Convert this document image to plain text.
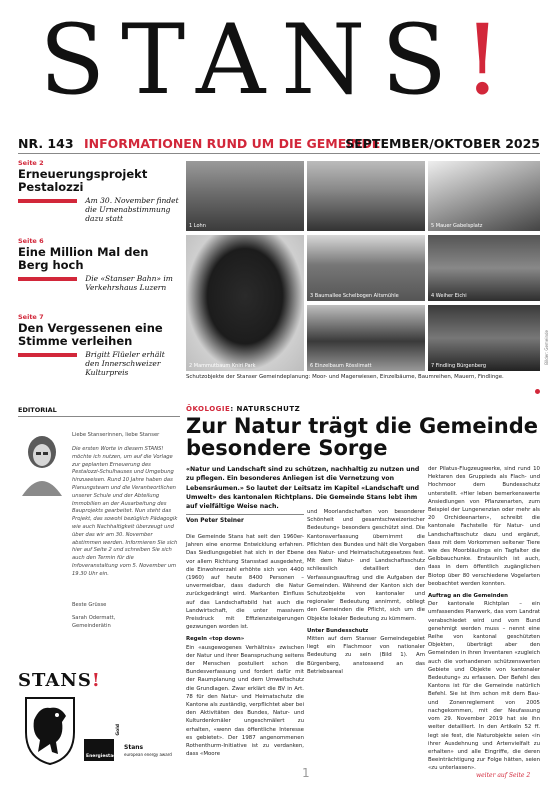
STANS!
NR. 143 INFORMATIONEN RUND UM DIE GEMEINDE
SEPTEMBER/OKTOBER 2025
Seite 2
Erneuerungsprojekt Pestalozzi
Am 30. November findet die Urnenabstimmung dazu statt
Seite 6
Eine Million Mal den Berg hoch
Die «Stanser Bahn» im Verkehrshaus Luzern
Seite 7
Den Vergessenen eine Stimme verleihen
Brigitt Flüeler erhält den Innerschweizer Kulturpreis
1 Lohn	5 Mauer Gabelsplatz
2 Mammutbaum Kniri Park
3 Baumallee Schelbogen Altsmühle	4 Weiher Eichi
6 Einzelbaum Rösslimatt	7 Findling Bürgenberg
Schutzobjekte der Stanser Gemeindeplanung: Moor- und Magerwiesen, Einzelbäume, Baumreihen, Mauern, Findlinge.
Bilder: Gemeinde
EDITORIAL
Liebe Stanserinnen, liebe Stanser
Die ersten Worte in diesem STANS! möchte ich nutzen, um auf die Vorlage zur geplanten Erneuerung des Pestalozzi-Schulhauses und Umgebung hinzuweisen. Rund 10 Jahre haben das Planungsteam und die Verantwortlichen unserer Schule und der Abteilung Immobilien an der Ausarbeitung des Bauprojekts gearbeitet. Nun steht das Projekt, das sowohl bezüglich Pädagogik wie auch Nachhaltigkeit überzeugt und über das wir am 30. November abstimmen werden. Informieren Sie sich hier auf Seite 2 und schreiben Sie sich auch den Termin für die Infoveranstaltung vom 5. November um 19.30 Uhr ein.
Beste Grüsse
Sarah Odermatt, Gemeinderätin
STANS!
Energiestadt
Gold
Stans
european energy award
ÖKOLOGIE: NATURSCHUTZ
Zur Natur trägt die Gemeinde besondere Sorge
«Natur und Landschaft sind zu schützen, nachhaltig zu nutzen und zu pflegen. Ein besonderes Anliegen ist die Vernetzung von Lebensräumen.» So lautet der Leitsatz im Kapitel «Landschaft und Umwelt» des kantonalen Richtplans. Die Gemeinde Stans lebt ihm auf vielfältige Weise nach.
Von Peter Steiner
Die Gemeinde Stans hat seit den 1960er-Jahren eine enorme Entwicklung erfahren. Das Siedlungsgebiet hat sich in der Ebene vor allem Richtung Stansstad ausgedehnt, die Einwohnerzahl erhöhte sich von 4400 (1960) auf heute 8400 Personen – unvermeidbar, dass dadurch die Natur zurückgedrängt wird. Markanten Einfluss auf das Landschaftsbild hat auch die Landwirtschaft, die unter massivem Preisdruck mit Effizienzsteigerungen gezwungen worden ist.
Regeln «top down»
Ein «ausgewogenes Verhältnis» zwischen der Natur und ihrer Beanspruchung seitens der Menschen postuliert schon die Bundesverfassung und fordert dafür mit der Raumplanung und dem Umweltschutz die Grundlagen. Zwar erklärt die BV in Art. 78 für den Natur- und Heimatschutz die Kantone als zuständig, verpflichtet aber bei den Aktivitäten des Bundes, Natur- und Kulturdenkmäler ungeschmälert zu erhalten, «wenn das öffentliche Interesse es gebietet». Der 1987 angenommenen Rothenthurm-Initiative ist zu verdanken, dass «Moore
und Moorlandschaften von besonderer Schönheit und gesamtschweizerischer Bedeutung» besonders geschützt sind. Die Kantonsverfassung übernimmt die Pflichten des Bundes und hält die Vorgaben des Natur- und Heimatschutzgesetzes fest. Mit dem Natur- und Landschaftsschutz schliesslich detailliert den Verfassungsauftrag und die Aufgaben der Gemeinden. Während der Kanton sich der Schutzobjekte von kantonaler und regionaler Bedeutung annimmt, obliegt den Gemeinden die Pflicht, sich um die Objekte lokaler Bedeutung zu kümmern.
Unter Bundesschutz
Mitten auf dem Stanser Gemeindegebiet liegt ein Flachmoor von nationaler Bedeutung zu sein (Bild 1). Am Bürgenberg, anstossend an das Betriebsareal
der Pilatus-Flugzeugwerke, sind rund 10 Hektaren des Gruppieds als Flach- und Hochmoor dem Bundesschutz unterstellt. «Hier leben bemerkenswerte Ansiedlungen von Pflanzenarten, zum Beispiel der Lungenenzian oder mehr als 20 Orchideenarten», schreibt die kantonale Fachstelle für Natur- und Landschaftsschutz dazu und ergänzt, dass mit dem Vorkommen seltener Tiere wie des Moorbläulings ein Tagfalter die Gelbbauchunke. Erstaunlich ist auch, dass in dem öffentlich zugänglichen Biotop über 80 verschiedene Vogelarten beobachtet werden konnten.
Auftrag an die Gemeinden
Der kantonale Richtplan – ein umfassendes Planwerk, das vom Landrat verabschiedet wird und vom Bund genehmigt werden muss – nennt eine Reihe von kantonal geschützten Objekten, überträgt aber den Gemeinden in ihren Inventaren «zugleich auch die vorhandenen schützenswerten Gebiete und Objekte von kantonaler Bedeutung» zu erfassen. Der Befehl des Kantons ist für die Gemeinde natürlich Befehl. Sie ist ihm schon mit dem Bau- und Zonenreglement von 2005 nachgekommen, mit der Neufassung vom 29. November 2019 hat sie ihn weiter detailliert. In den Artikeln 52 ff. legt sie fest, die Naturobjekte seien «in ihrer Ausdehnung und Artenvielfalt zu erhalten» und alle Eingriffe, die deren Beeinträchtigung zur Folge hätten, seien «zu unterlassen».
1	weiter auf Seite 2
